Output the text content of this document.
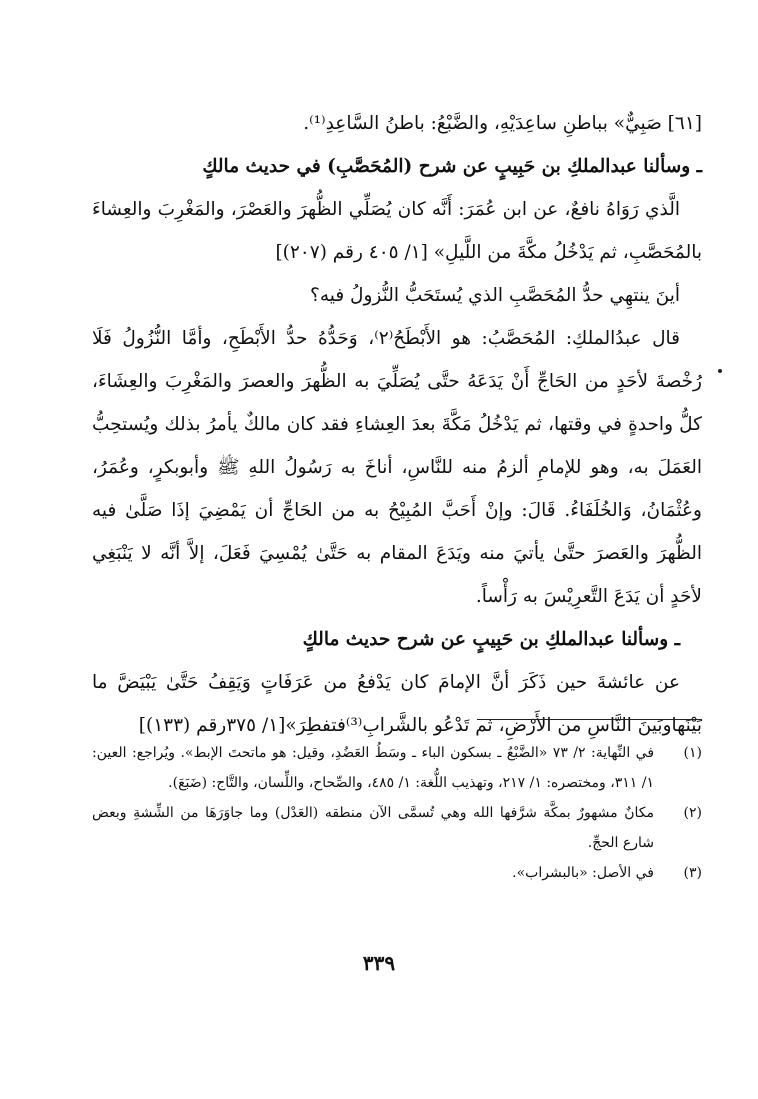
[٦١] صَبِيٌّ» بباطنِ ساعِدَيْهِ، والضَّبْعُ: باطنُ السَّاعِدِ⁽¹⁾.

ـ وسألنا عبدالملكِ بن حَبِيبٍ عن شرح (المُحَصَّبِ) في حديث مالكٍ

الَّذي رَوَاهُ نافعٌ، عن ابن عُمَرَ: أَنَّه كان يُصَلِّي الظُّهرَ والعَصْرَ، والمَغْرِبَ والعِشاءَ بالمُحَصَّبِ، ثم يَدْخُلُ مكَّةَ من اللَّيلِ» [١/ ٤٠٥ رقم (٢٠٧)]

أينَ ينتهِي حدُّ المُحَصَّبِ الذي يُستَحَبُّ النُّزولُ فيه؟

قال عبدُالملكِ: المُحَصَّبُ: هو الأَبْطَحُ⁽٢⁾، وَحَدُّهُ حدُّ الأَبْطَحِ، وأمَّا النُّزُولُ فَلَا رُخْصةَ لأحَدٍ من الحَاجِّ أَنْ يَدَعَهُ حتَّى يُصَلِّيَ به الظُّهرَ والعصرَ والمَغْرِبَ والعِشَاءَ، كلُّ واحدةٍ في وقتها، ثم يَدْخُلُ مَكَّةَ بعدَ العِشاءِ فقد كان مالكٌ يأمرُ بذلك ويُستحِبُّ العَمَلَ به، وهو للإمامِ ألزمُ منه للنَّاسِ، أناخَ به رَسُولُ اللهِ ﷺ وأبوبكرٍ، وعُمَرُ، وعُثْمَانُ، وَالخُلَفَاءُ. قَالَ: وإنْ أَحَبَّ المُبِيْحُ به من الحَاجِّ أن يَمْضِيَ إذَا صَلَّىٰ فيه الظُّهرَ والعَصرَ حتَّىٰ يأتيَ منه ويَدَعَ المقام به حَتَّىٰ يُمْسِيَ فَعَلَ، إلاَّ أنَّه لا يَنْبَغِي لأحَدٍ أن يَدَعَ التَّعرِيْسَ به رَأْساً.

ـ وسألنا عبدالملكِ بن حَبِيبٍ عن شرح حديث مالكٍ

عن عائشةَ حين ذَكَرَ أنَّ الإمامَ كان يَدْفعُ من عَرَفَاتٍ وَيَقِفُ حَتَّىٰ يَبْيَضَّ ما بَيْنَهاوبَينَ النَّاسِ من الأَرْضِ، ثم تَدْعُو بالشَّرابِ⁽³⁾فتفطِرَ»[١/ ٣٧٥رقم (١٣٣)]

(١)
في النِّهاية: ٢/ ٧٣ «الضَّبْعُ ـ بسكون الباء ـ وسَطُ العَضُدِ، وقيل: هو ماتحتَ الإبط». ويُراجع: العين: ١/ ٣١١، ومختصره: ١/ ٢١٧، وتهذيب اللُّغة: ١/ ٤٨٥، والصِّحاح، واللِّسان، والتَّاج: (ضَبَعَ).
(٢)
مكانٌ مشهورٌ بمكَّة شرَّفها الله وهي تُسمَّى الآن منطقه (العَدْل) وما جاوَرَهَا من الشِّشةِ وبعض شارع الحجِّ.
(٣)
في الأصل: «بالبشراب».
٣٣٩
